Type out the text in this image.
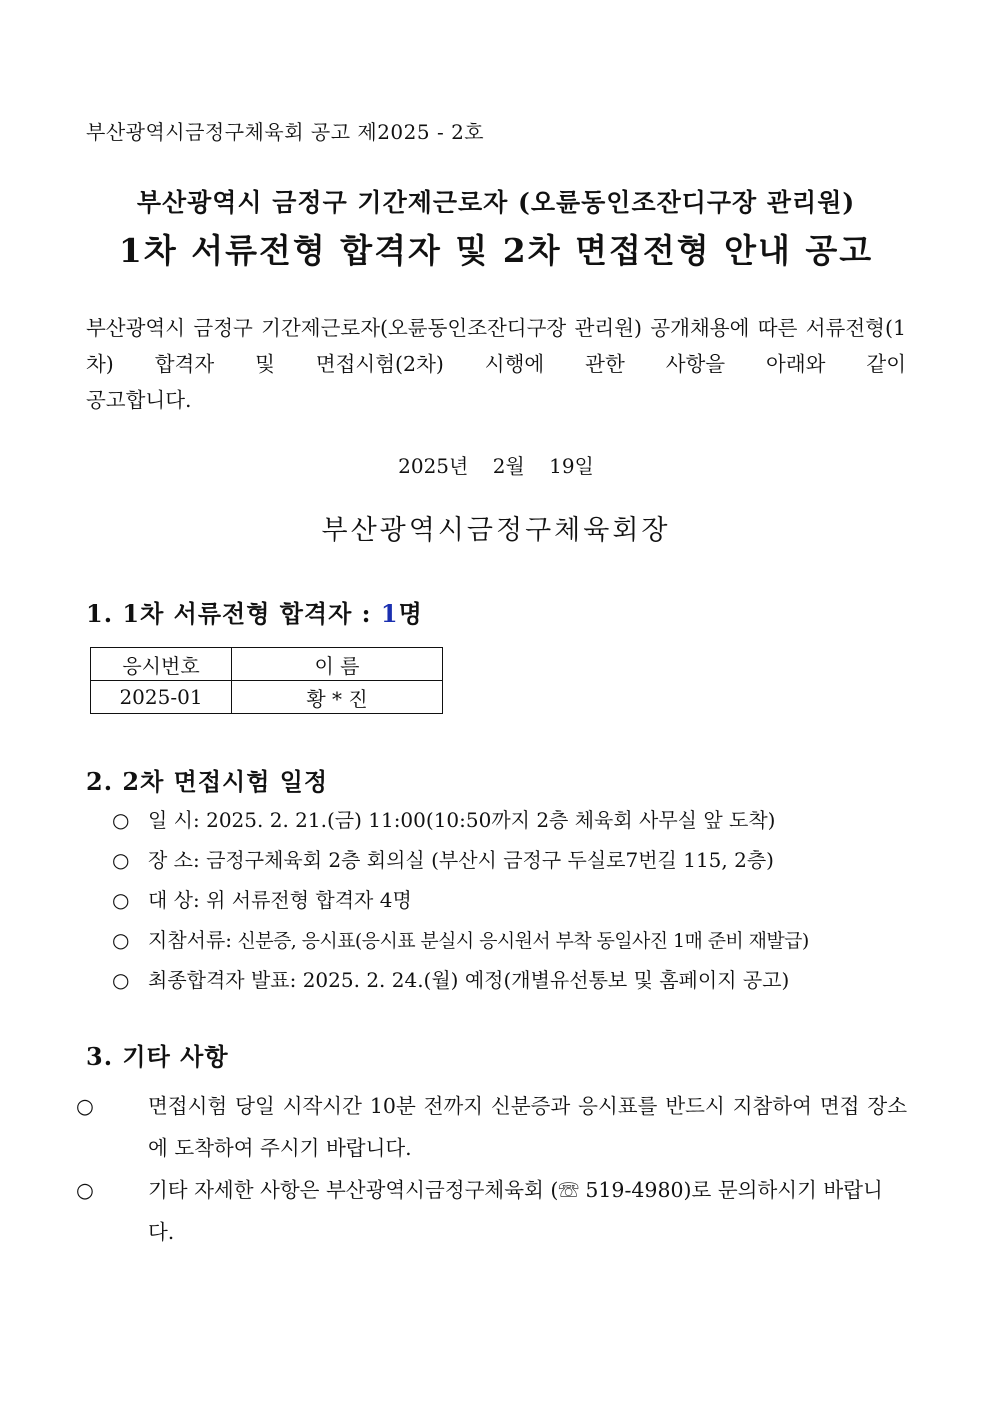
부산광역시금정구체육회 공고 제2025 - 2호
부산광역시 금정구 기간제근로자 (오륜동인조잔디구장 관리원)
1차 서류전형 합격자 및 2차 면접전형 안내 공고
부산광역시 금정구 기간제근로자(오륜동인조잔디구장 관리원) 공개채용에 따른 서류전형(1차) 합격자 및 면접시험(2차) 시행에 관한 사항을 아래와 같이
공고합니다.
2025년 2월 19일
부산광역시금정구체육회장
1. 1차 서류전형 합격자 : 1명
응시번호	이 름
2025-01	황 * 진
2. 2차 면접시험 일정
○ 일 시: 2025. 2. 21.(금) 11:00(10:50까지 2층 체육회 사무실 앞 도착)
○ 장 소: 금정구체육회 2층 회의실 (부산시 금정구 두실로7번길 115, 2층)
○ 대 상: 위 서류전형 합격자 4명
○ 지참서류: 신분증, 응시표(응시표 분실시 응시원서 부착 동일사진 1매 준비 재발급)
○ 최종합격자 발표: 2025. 2. 24.(월) 예정(개별유선통보 및 홈페이지 공고)
3. 기타 사항

○	면접시험 당일 시작시간 10분 전까지 신분증과 응시표를 반드시 지참하여 면접 장소에 도착하여 주시기 바랍니다.

○	기타 자세한 사항은 부산광역시금정구체육회 (☏ 519-4980)로 문의하시기 바랍니다.
